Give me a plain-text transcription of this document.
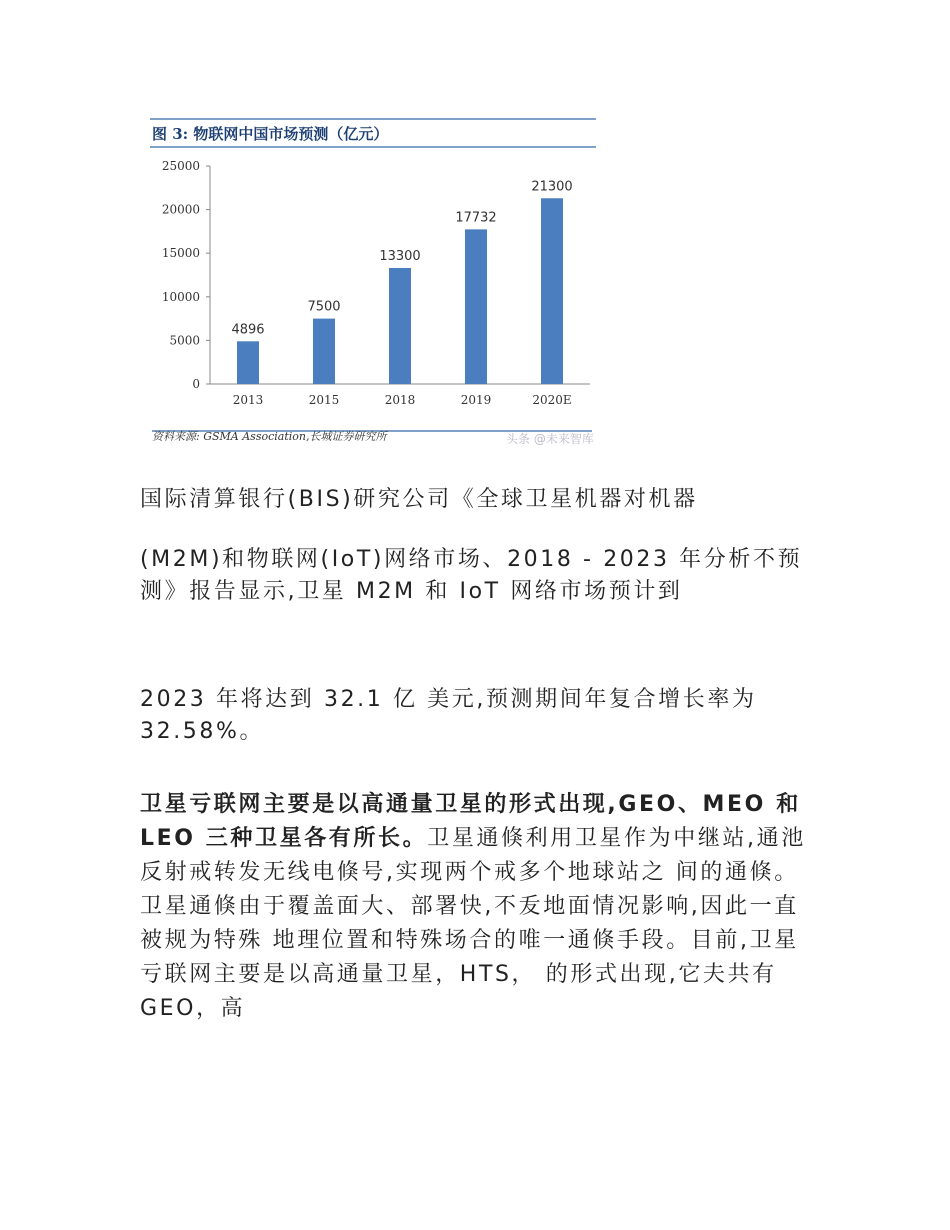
图 3: 物联网中国市场预测（亿元）
0
5000
10000
15000
20000
25000
4896
2013
7500
2015
13300
2018
17732
2019
21300
2020E
资料来源: GSMA Association,长城证券研究所	头条 @未来智库
国际清算银行(BIS)研究公司《全球卫星机器对机器
(M2M)和物联网(IoT)网络市场、2018 - 2023 年分析不预测》报告显示,卫星 M2M 和 IoT 网络市场预计到
2023 年将达到 32.1 亿 美元,预测期间年复合增长率为 32.58%。
卫星亏联网主要是以高通量卫星的形式出现,GEO、MEO 和 LEO 三种卫星各有所长。卫星通倏利用卫星作为中继站,通池反射戒转发无线电倏号,实现两个戒多个地球站之 间的通倏。卫星通倏由于覆盖面大、部署快,不叐地面情况影响,因此一直被规为特殊 地理位置和特殊场合的唯一通倏手段。目前,卫星亏联网主要是以高通量卫星，HTS， 的形式出现,它夫共有 GEO，高
